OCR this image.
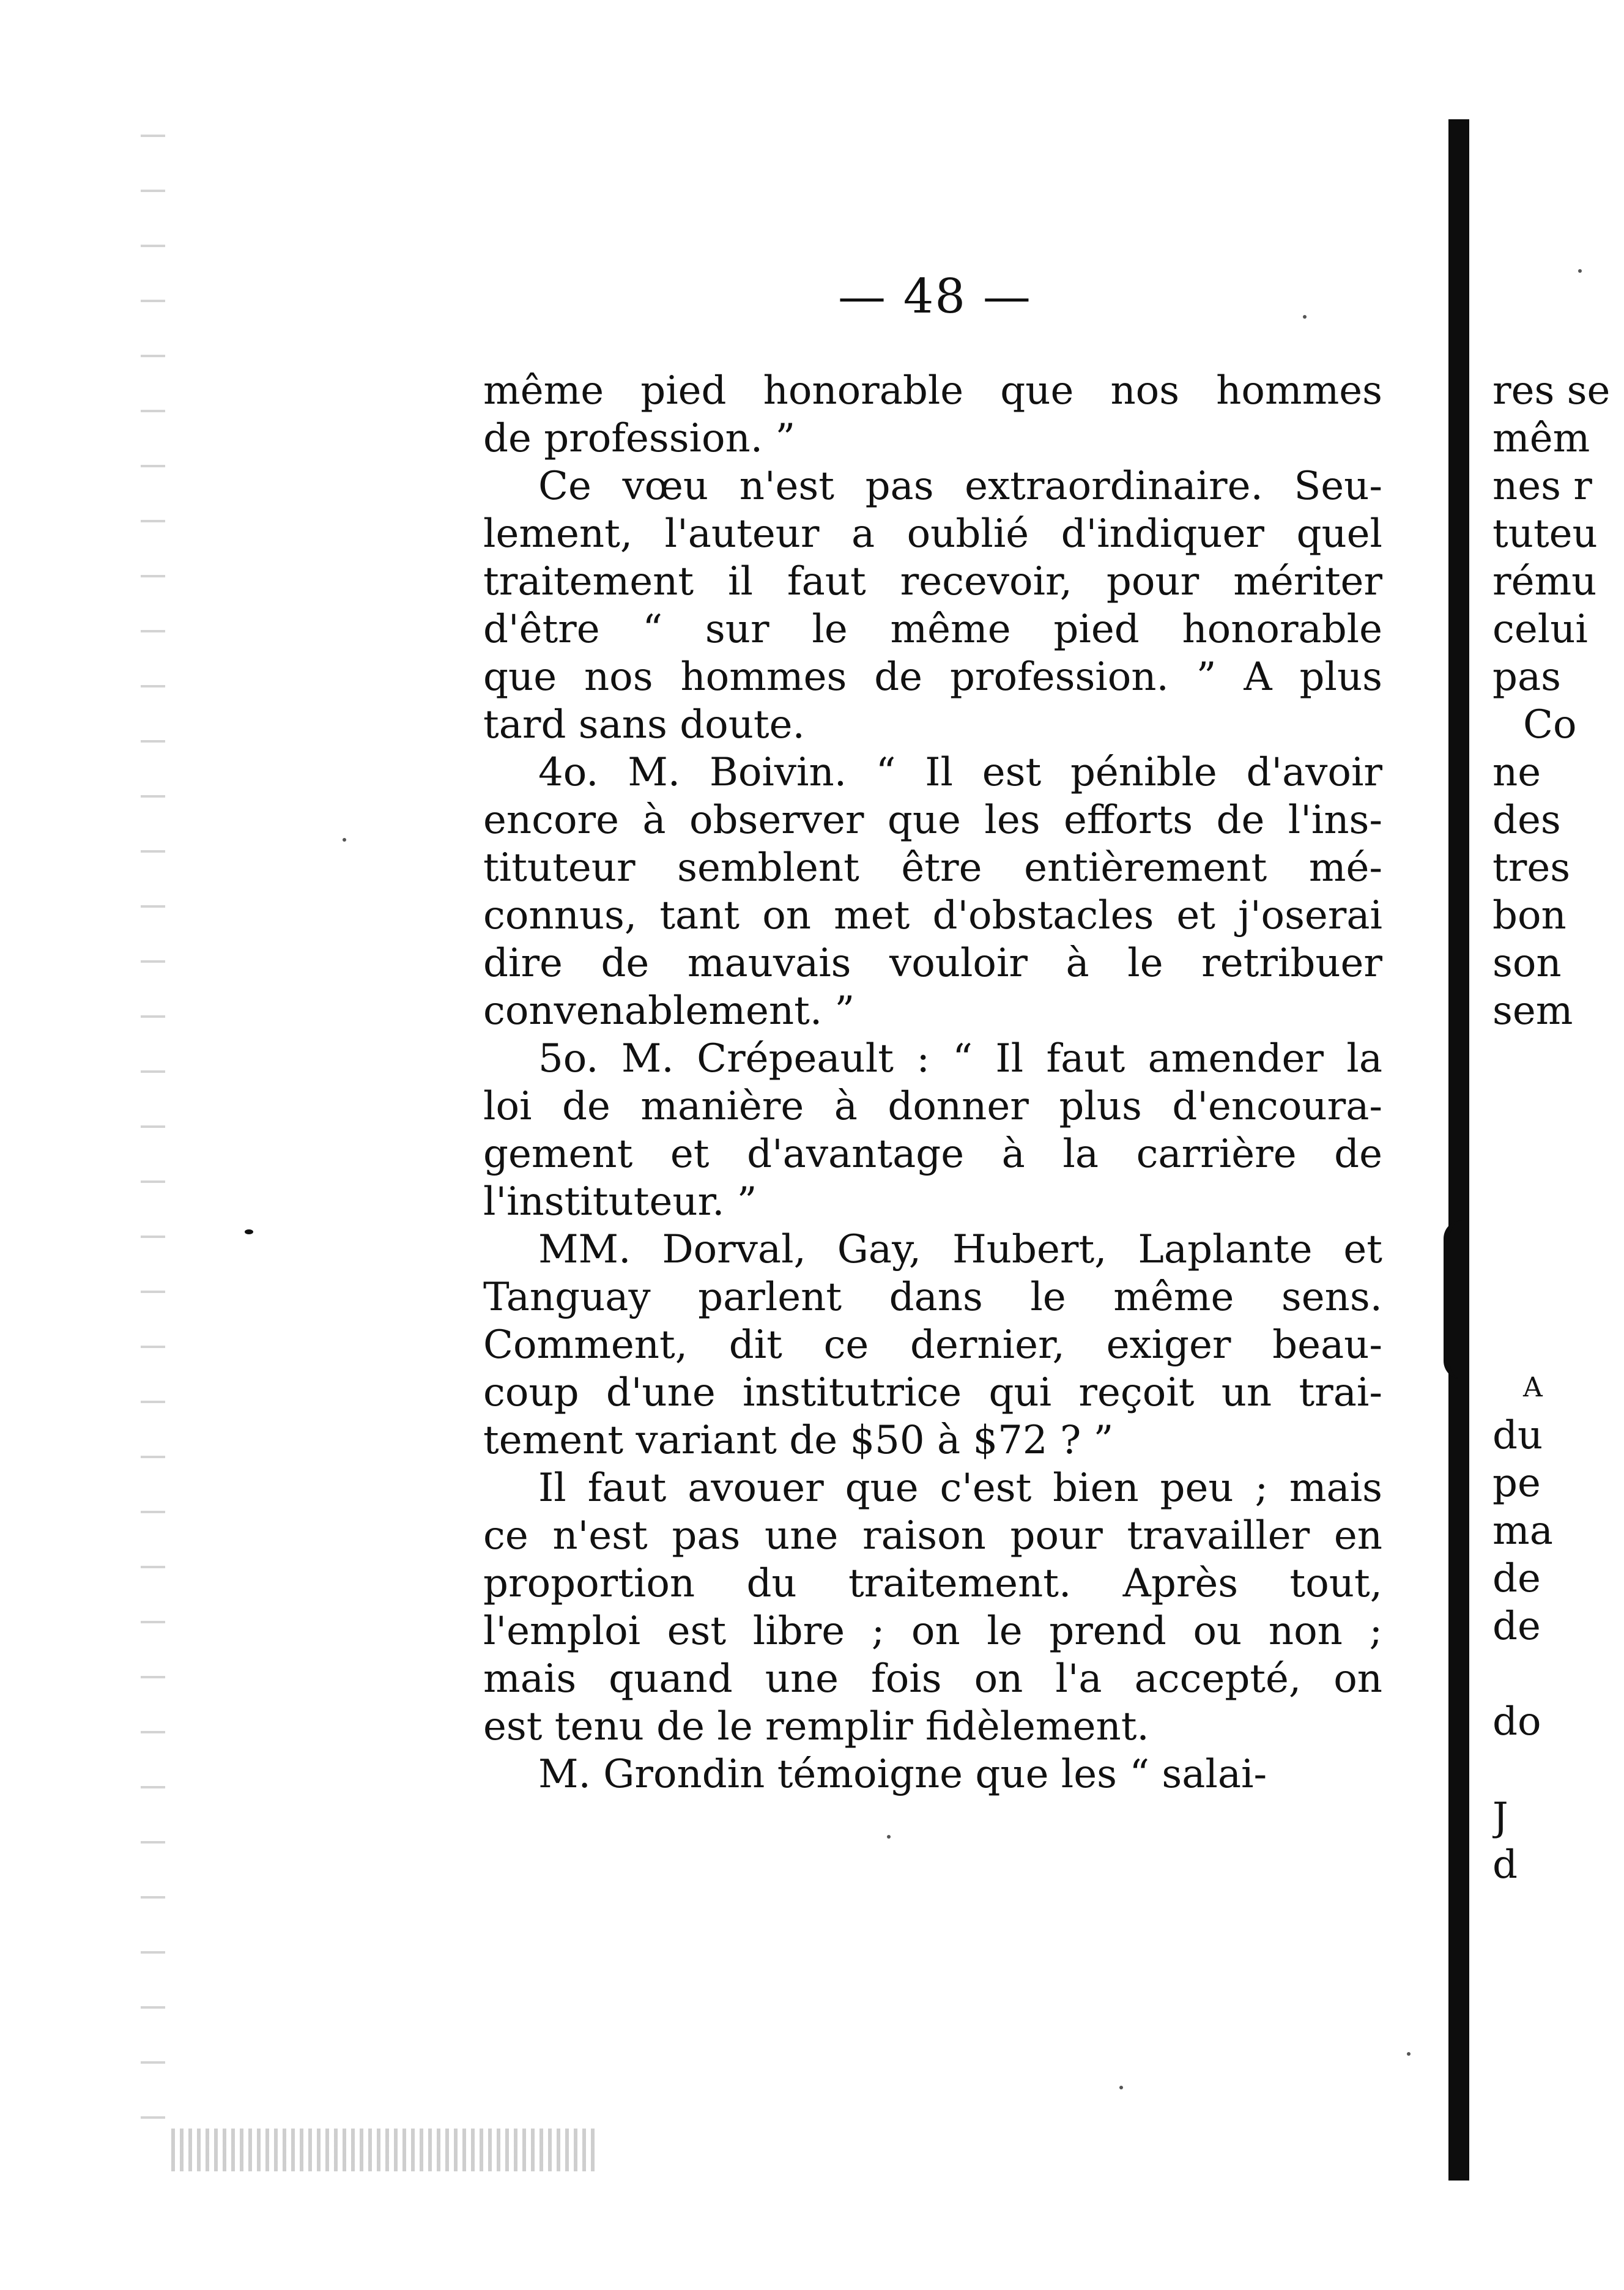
— 48 —
même pied honorable que nos hommes
de profession. ”
Ce vœu n'est pas extraordinaire. Seu-
lement, l'auteur a oublié d'indiquer quel
traitement il faut recevoir, pour mériter
d'être “ sur le même pied honorable
que nos hommes de profession. ” A plus
tard sans doute.
4o. M. Boivin. “ Il est pénible d'avoir
encore à observer que les efforts de l'ins-
tituteur semblent être entièrement mé-
connus, tant on met d'obstacles et j'oserai
dire de mauvais vouloir à le retribuer
convenablement. ”
5o. M. Crépeault : “ Il faut amender la
loi de manière à donner plus d'encoura-
gement et d'avantage à la carrière de
l'instituteur. ”
MM. Dorval, Gay, Hubert, Laplante et
Tanguay parlent dans le même sens.
Comment, dit ce dernier, exiger beau-
coup d'une institutrice qui reçoit un trai-
tement variant de $50 à $72 ? ”
Il faut avouer que c'est bien peu ; mais
ce n'est pas une raison pour travailler en
proportion du traitement. Après tout,
l'emploi est libre ; on le prend ou non ;
mais quand une fois on l'a accepté, on
est tenu de le remplir fidèlement.
M. Grondin témoigne que les “ salai-
res se
mêm
nes r
tuteu
rému
celui
pas
Co
ne
des
tres
bon
son
sem
A
du
pe
ma
de
de
do
J
d
